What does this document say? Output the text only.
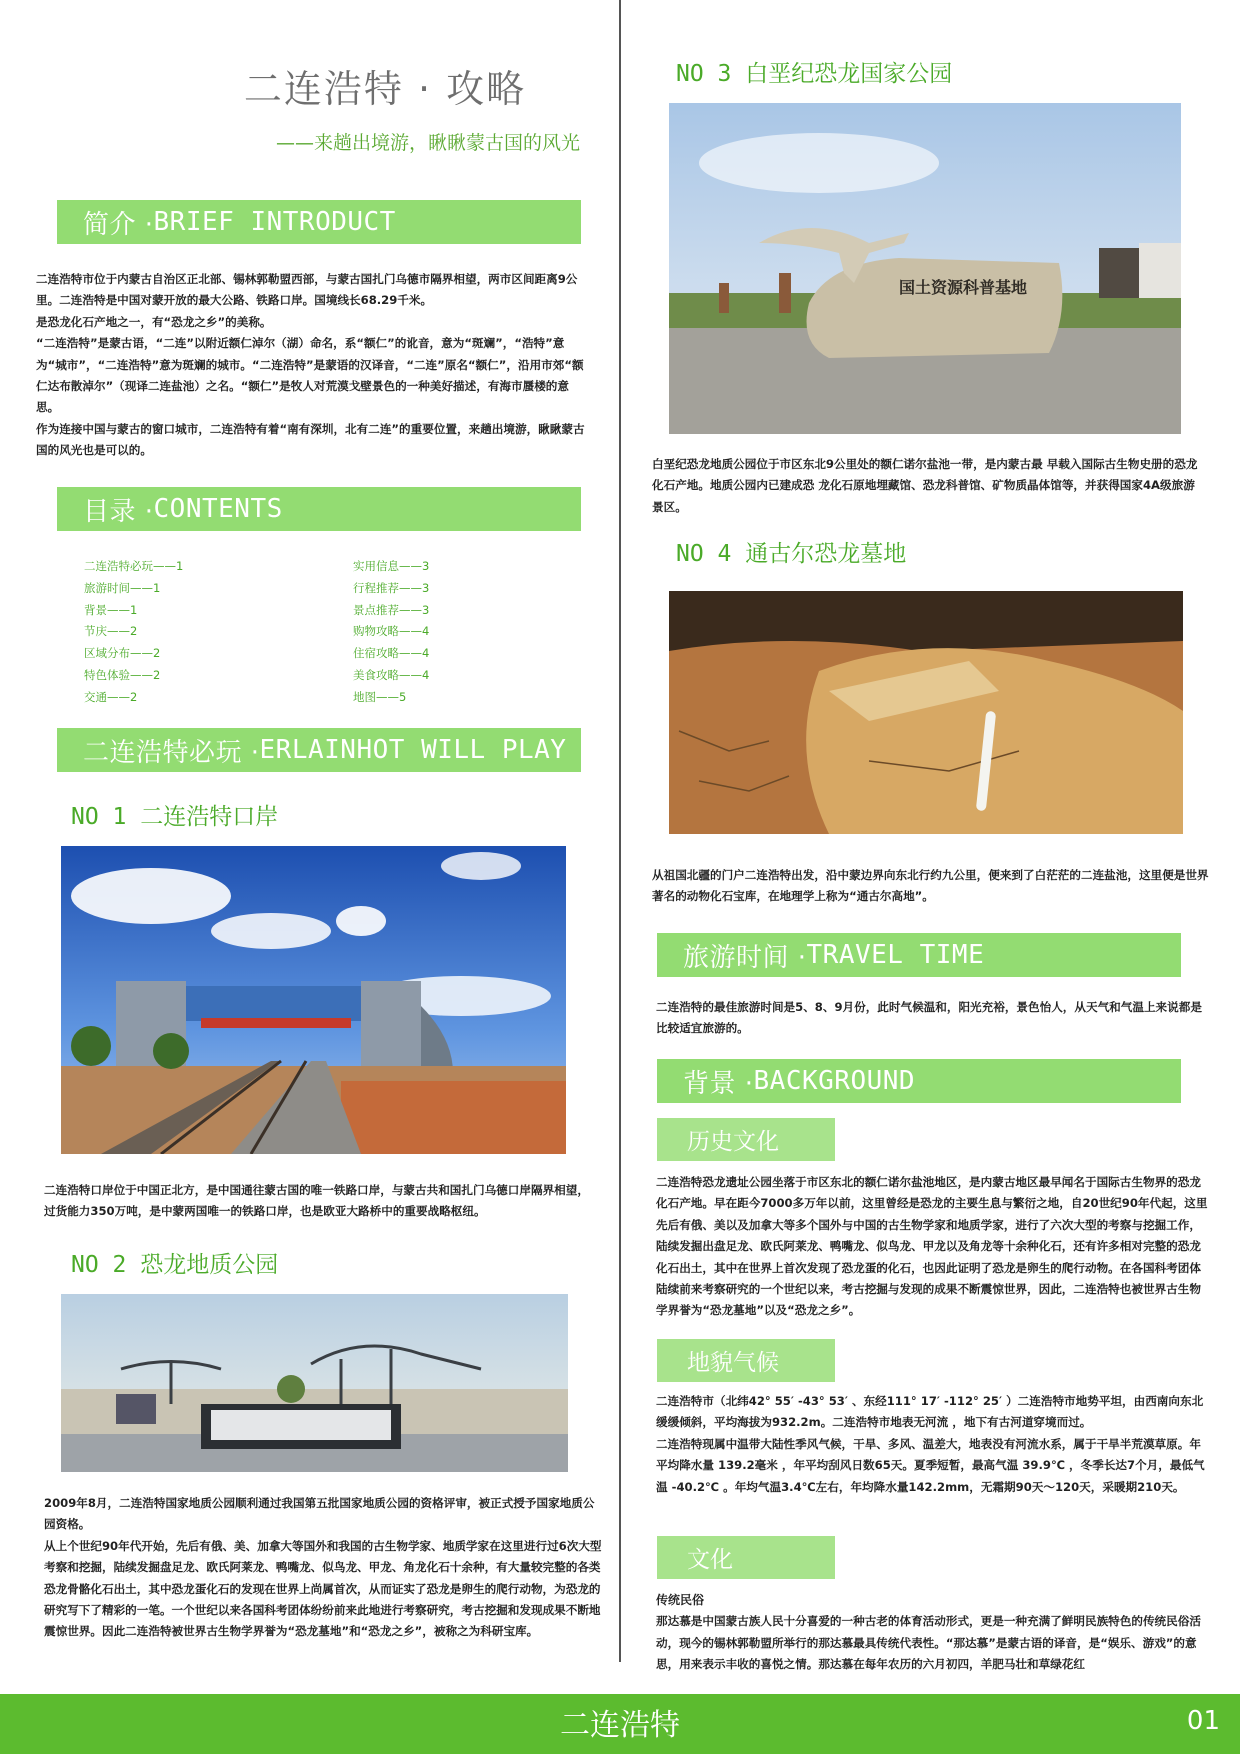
二连浩特 · 攻略
——来趟出境游，瞅瞅蒙古国的风光
简介 · BRIEF INTRODUCT

二连浩特市位于内蒙古自治区正北部、锡林郭勒盟西部，与蒙古国扎门乌德市隔界相望，两市区间距离9公里。二连浩特是中国对蒙开放的最大公路、铁路口岸。国境线长68.29千米。

是恐龙化石产地之一，有“恐龙之乡”的美称。

“二连浩特”是蒙古语，“二连”以附近额仁淖尔（湖）命名，系“额仁”的讹音，意为“斑斓”，“浩特”意为“城市”，“二连浩特”意为斑斓的城市。“二连浩特”是蒙语的汉译音，“二连”原名“额仁”，沿用市郊“额仁达布散淖尔”（现译二连盐池）之名。“额仁”是牧人对荒漠戈壁景色的一种美好描述，有海市蜃楼的意思。

作为连接中国与蒙古的窗口城市，二连浩特有着“南有深圳，北有二连”的重要位置，来趟出境游，瞅瞅蒙古国的风光也是可以的。

目录 · CONTENTS
二连浩特必玩——1
旅游时间——1
背景——1
节庆——2
区域分布——2
特色体验——2
交通——2
实用信息——3
行程推荐——3
景点推荐——3
购物攻略——4
住宿攻略——4
美食攻略——4
地图——5
二连浩特必玩 · ERLAINHOT WILL PLAY
NO 1 二连浩特口岸
二连浩特口岸位于中国正北方，是中国通往蒙古国的唯一铁路口岸，与蒙古共和国扎门乌德口岸隔界相望，过货能力350万吨，是中蒙两国唯一的铁路口岸，也是欧亚大路桥中的重要战略枢纽。
NO 2 恐龙地质公园

2009年8月，二连浩特国家地质公园顺利通过我国第五批国家地质公园的资格评审，被正式授予国家地质公园资格。

从上个世纪90年代开始，先后有俄、美、加拿大等国外和我国的古生物学家、地质学家在这里进行过6次大型考察和挖掘，陆续发掘盘足龙、欧氏阿莱龙、鸭嘴龙、似鸟龙、甲龙、角龙化石十余种，有大量较完整的各类恐龙骨骼化石出土，其中恐龙蛋化石的发现在世界上尚属首次，从而证实了恐龙是卵生的爬行动物，为恐龙的研究写下了精彩的一笔。一个世纪以来各国科考团体纷纷前来此地进行考察研究，考古挖掘和发现成果不断地震惊世界。因此二连浩特被世界古生物学界誉为“恐龙墓地”和“恐龙之乡”，被称之为科研宝库。

NO 3 白垩纪恐龙国家公园
国土资源科普基地
白垩纪恐龙地质公园位于市区东北9公里处的额仁诺尔盐池一带，是内蒙古最 早载入国际古生物史册的恐龙化石产地。地质公园内已建成恐 龙化石原地埋藏馆、恐龙科普馆、矿物质晶体馆等，并获得国家4A级旅游景区。
NO 4 通古尔恐龙墓地
从祖国北疆的门户二连浩特出发，沿中蒙边界向东北行约九公里，便来到了白茫茫的二连盐池，这里便是世界著名的动物化石宝库，在地理学上称为“通古尔高地”。
旅游时间 · TRAVEL TIME
二连浩特的最佳旅游时间是5、8、9月份，此时气候温和，阳光充裕，景色怡人，从天气和气温上来说都是比较适宜旅游的。
背景 · BACKGROUND
历史文化
二连浩特恐龙遗址公园坐落于市区东北的额仁诺尔盐池地区，是内蒙古地区最早闻名于国际古生物界的恐龙化石产地。早在距今7000多万年以前，这里曾经是恐龙的主要生息与繁衍之地，自20世纪90年代起，这里先后有俄、美以及加拿大等多个国外与中国的古生物学家和地质学家，进行了六次大型的考察与挖掘工作，陆续发掘出盘足龙、欧氏阿莱龙、鸭嘴龙、似鸟龙、甲龙以及角龙等十余种化石，还有许多相对完整的恐龙化石出土，其中在世界上首次发现了恐龙蛋的化石，也因此证明了恐龙是卵生的爬行动物。在各国科考团体陆续前来考察研究的一个世纪以来，考古挖掘与发现的成果不断震惊世界，因此，二连浩特也被世界古生物学界誉为“恐龙墓地”以及“恐龙之乡”。
地貌气候

二连浩特市（北纬42° 55′ -43° 53′ 、东经111° 17′ -112° 25′ ）二连浩特市地势平坦，由西南向东北缓缓倾斜，平均海拔为932.2m。二连浩特市地表无河流 ，地下有古河道穿境而过。

二连浩特现属中温带大陆性季风气候，干旱、多风、温差大，地表没有河流水系，属于干旱半荒漠草原。年平均降水量 139.2毫米 ，年平均刮风日数65天。夏季短暂，最高气温 39.9℃ ，冬季长达7个月，最低气温 -40.2℃ 。年均气温3.4℃左右，年均降水量142.2mm，无霜期90天～120天，采暖期210天。

文化

传统民俗

那达慕是中国蒙古族人民十分喜爱的一种古老的体育活动形式，更是一种充满了鲜明民族特色的传统民俗活动，现今的锡林郭勒盟所举行的那达慕最具传统代表性。“那达慕”是蒙古语的译音，是“娱乐、游戏”的意思，用来表示丰收的喜悦之情。那达慕在每年农历的六月初四，羊肥马壮和草绿花红

二连浩特	01
